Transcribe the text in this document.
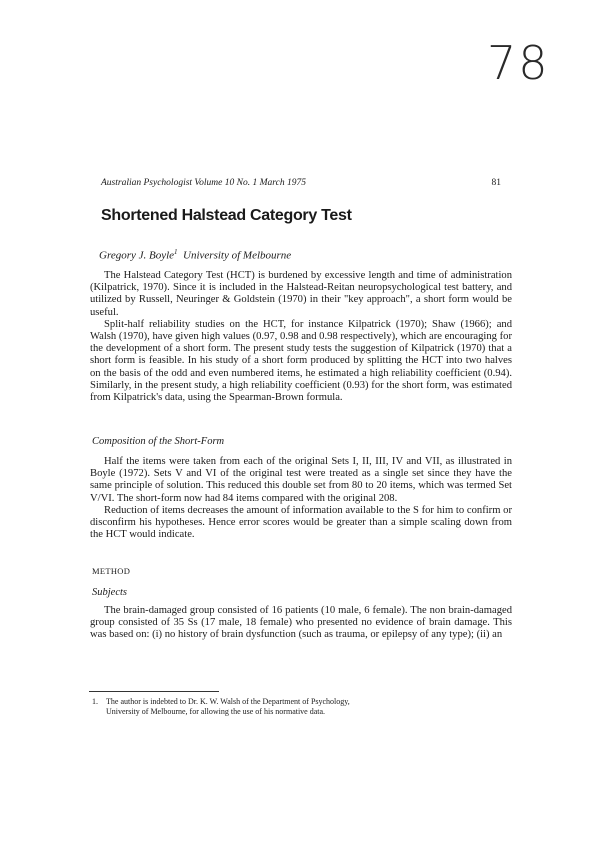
78
Australian Psychologist Volume 10 No. 1 March 1975	81
Shortened Halstead Category Test
Gregory J. Boyle$^1$ University of Melbourne

The Halstead Category Test (HCT) is burdened by excessive length and time of administration (Kilpatrick, 1970). Since it is included in the Halstead-Reitan neuropsychological test battery, and utilized by Russell, Neuringer & Goldstein (1970) in their "key approach", a short form would be useful.

Split-half reliability studies on the HCT, for instance Kilpatrick (1970); Shaw (1966); and Walsh (1970), have given high values (0.97, 0.98 and 0.98 respectively), which are encouraging for the development of a short form. The present study tests the suggestion of Kilpatrick (1970) that a short form is feasible. In his study of a short form produced by splitting the HCT into two halves on the basis of the odd and even numbered items, he estimated a high reliability coefficient (0.94). Similarly, in the present study, a high reliability coefficient (0.93) for the short form, was estimated from Kilpatrick's data, using the Spearman-Brown formula.

Composition of the Short-Form

Half the items were taken from each of the original Sets I, II, III, IV and VII, as illustrated in Boyle (1972). Sets V and VI of the original test were treated as a single set since they have the same principle of solution. This reduced this double set from 80 to 20 items, which was termed Set V/VI. The short-form now had 84 items compared with the original 208.

Reduction of items decreases the amount of information available to the S for him to confirm or disconfirm his hypotheses. Hence error scores would be greater than a simple scaling down from the HCT would indicate.

METHOD
Subjects

The brain-damaged group consisted of 16 patients (10 male, 6 female). The non brain-damaged group consisted of 35 Ss (17 male, 18 female) who presented no evidence of brain damage. This was based on: (i) no history of brain dysfunction (such as trauma, or epilepsy of any type); (ii) an

1. The author is indebted to Dr. K. W. Walsh of the Department of Psychology,
University of Melbourne, for allowing the use of his normative data.
